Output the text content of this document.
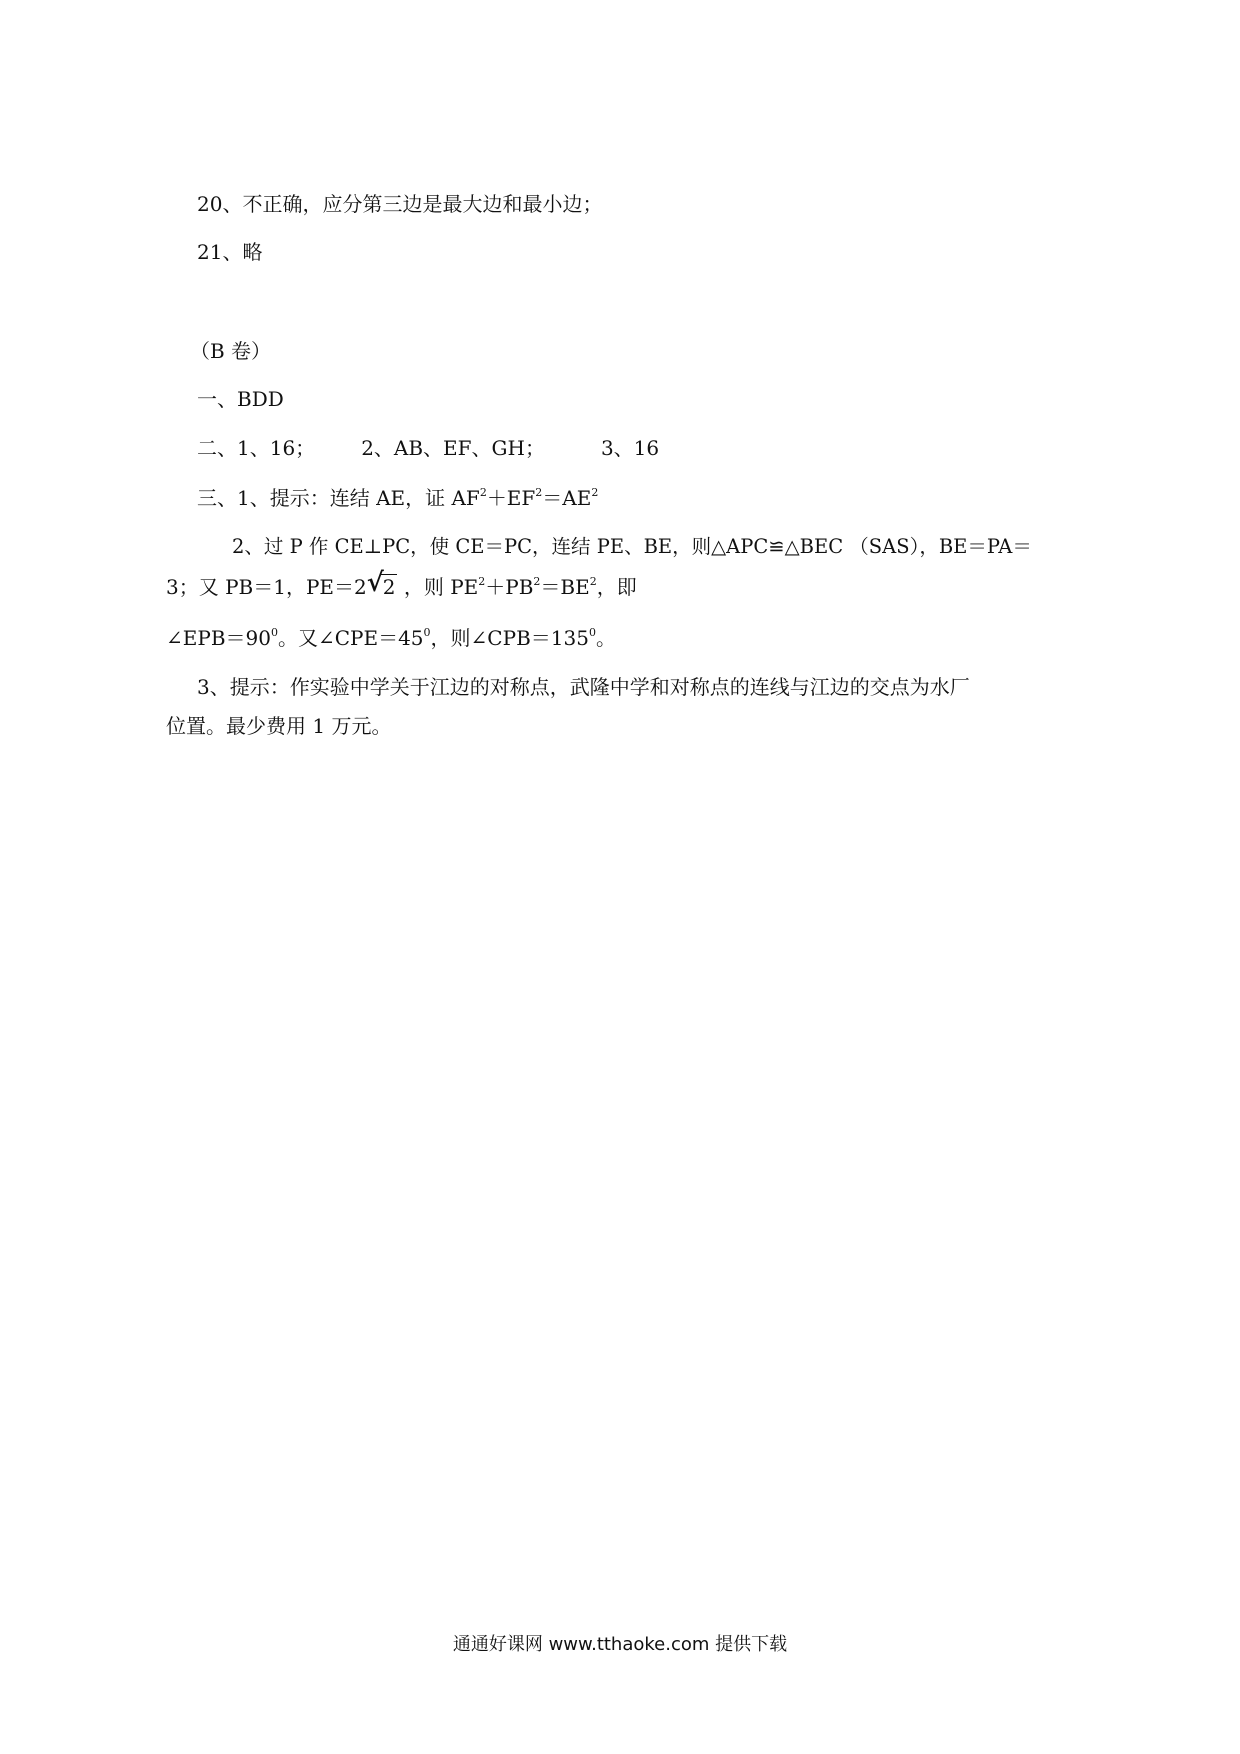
20、不正确，应分第三边是最大边和最小边；
21、略
（B 卷）
一、BDD
二、1、16； 2、AB、EF、GH；	3、16
三、1、提示：连结 AE，证 $AF^2+EF^2=AE^2$
2、过 P 作 CE⊥PC，使 CE＝PC，连结 PE、BE，则△APC≌△BEC （SAS），BE＝PA＝
3；又 PB＝1，PE＝2 √
2 ，则 $PE^2+PB^2=BE^2$，即
$\angle EPB=90^0$。又$\angle CPE=45^0$，则$\angle CPB=135^0$。
3、提示：作实验中学关于江边的对称点，武隆中学和对称点的连线与江边的交点为水厂
位置。最少费用 1 万元。
通通好课网 www.tthaoke.com 提供下载
